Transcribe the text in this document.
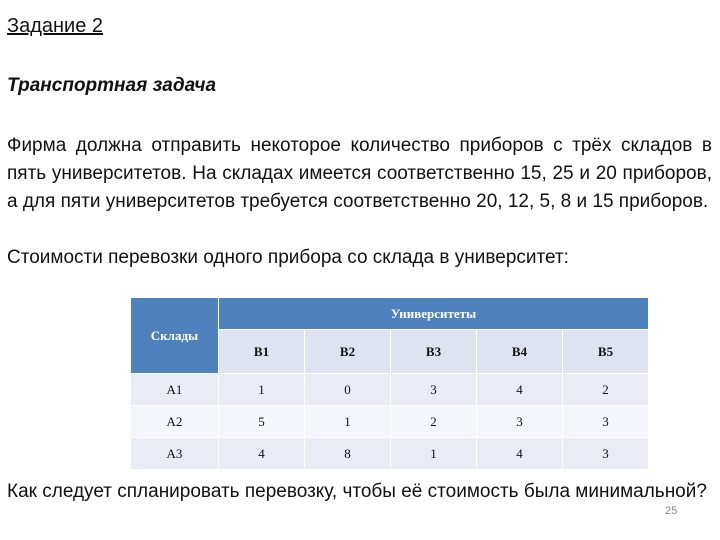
Задание 2
Транспортная задача

Фирма должна отправить некоторое количество приборов с трёх складов в пять университетов. На складах имеется соответственно 15, 25 и 20 приборов, а для пяти университетов требуется соответственно 20, 12, 5, 8 и 15 приборов.

Стоимости перевозки одного прибора со склада в университет:

Склады	Университеты				
	B1	B2	B3	B4	B5
A1	1	0	3	4	2
A2	5	1	2	3	3
A3	4	8	1	4	3

Как следует спланировать перевозку, чтобы её стоимость была минимальной?

25
